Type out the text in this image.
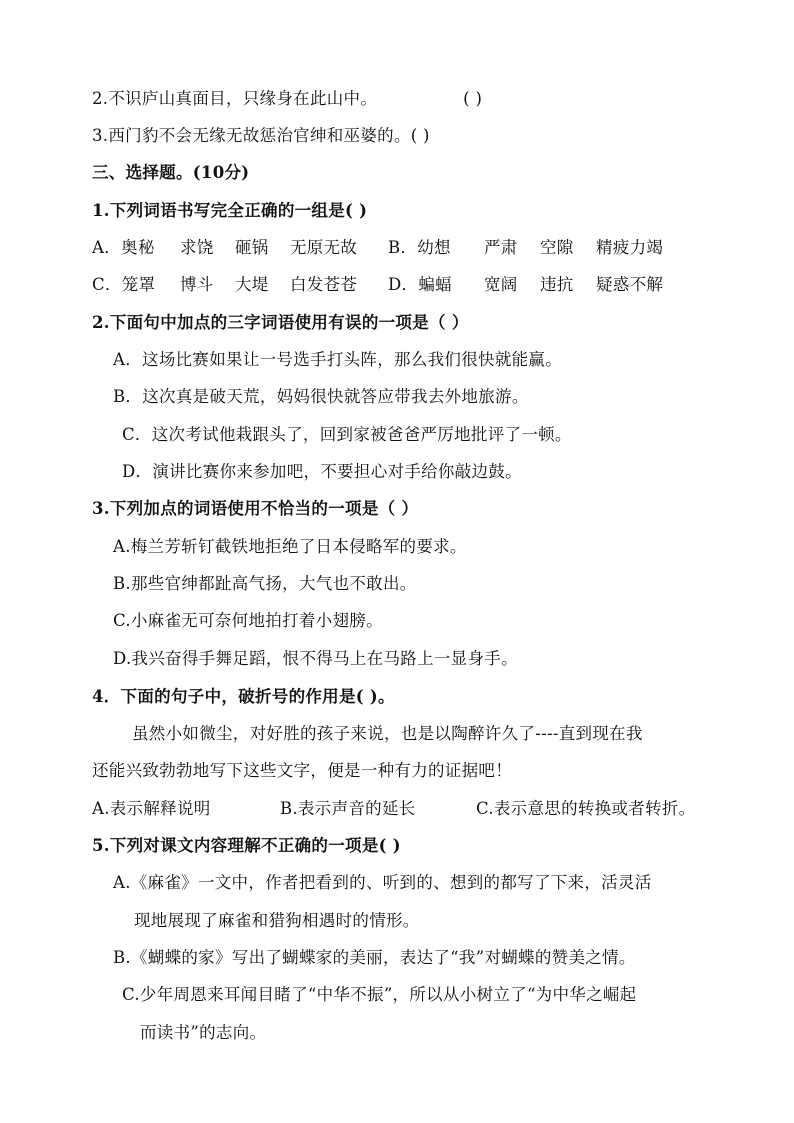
2.不识庐山真面目，只缘身在此山中。	( )
3.西门豹不会无缘无故惩治官绅和巫婆的。( )
三、选择题。(10分)
1.下列词语书写完全正确的一组是( )
A．奥秘 求饶 砸锅 无原无故 B．幼想 严肃 空隙 精疲力竭
C．笼罩 博斗 大堤 白发苍苍 D．蝙蝠 宽阔 违抗 疑惑不解
2.下面句中加点的三字词语使用有误的一项是（ ）
A．这场比赛如果让一号选手打头阵，那么我们很快就能赢。
B．这次真是破天荒，妈妈很快就答应带我去外地旅游。
C．这次考试他栽跟头了，回到家被爸爸严厉地批评了一顿。
D．演讲比赛你来参加吧，不要担心对手给你敲边鼓。
3.下列加点的词语使用不恰当的一项是（ ）
A.梅兰芳斩钉截铁地拒绝了日本侵略军的要求。
B.那些官绅都趾高气扬，大气也不敢出。
C.小麻雀无可奈何地拍打着小翅膀。
D.我兴奋得手舞足蹈，恨不得马上在马路上一显身手。
4．下面的句子中，破折号的作用是( )。
虽然小如微尘，对好胜的孩子来说，也是以陶醉许久了----直到现在我
还能兴致勃勃地写下这些文字，便是一种有力的证据吧！
A.表示解释说明	B.表示声音的延长	C.表示意思的转换或者转折。
5.下列对课文内容理解不正确的一项是( )
A.《麻雀》一文中，作者把看到的、听到的、想到的都写了下来，活灵活
现地展现了麻雀和猎狗相遇时的情形。
B.《蝴蝶的家》写出了蝴蝶家的美丽，表达了“我”对蝴蝶的赞美之情。
C.少年周恩来耳闻目睹了“中华不振”，所以从小树立了“为中华之崛起
而读书”的志向。
